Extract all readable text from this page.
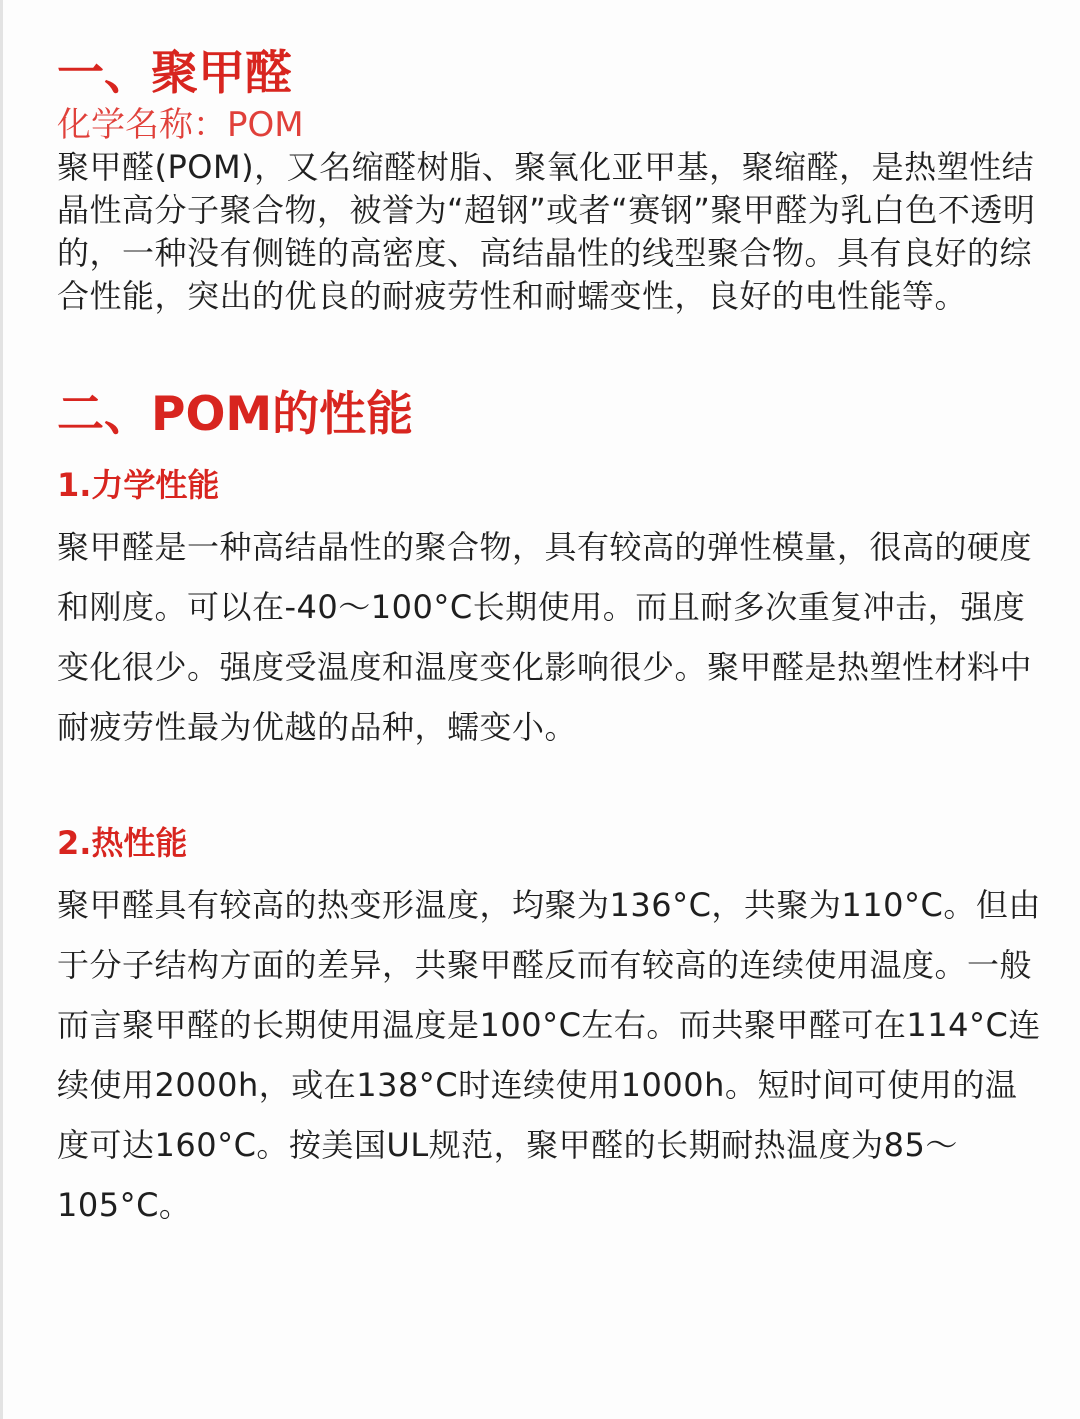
一、聚甲醛

化学名称：POM

聚甲醛(POM)，又名缩醛树脂、聚氧化亚甲基，聚缩醛，是热塑性结晶性高分子聚合物，被誉为“超钢”或者“赛钢”聚甲醛为乳白色不透明的，一种没有侧链的高密度、高结晶性的线型聚合物。具有良好的综合性能，突出的优良的耐疲劳性和耐蠕变性，良好的电性能等。

二、POM的性能
1.力学性能

聚甲醛是一种高结晶性的聚合物，具有较高的弹性模量，很高的硬度和刚度。可以在-40～100°C长期使用。而且耐多次重复冲击，强度变化很少。强度受温度和温度变化影响很少。聚甲醛是热塑性材料中耐疲劳性最为优越的品种，蠕变小。

2.热性能

聚甲醛具有较高的热变形温度，均聚为136°C，共聚为110°C。但由于分子结构方面的差异，共聚甲醛反而有较高的连续使用温度。一般而言聚甲醛的长期使用温度是100°C左右。而共聚甲醛可在114°C连续使用2000h，或在138°C时连续使用1000h。短时间可使用的温度可达160°C。按美国UL规范，聚甲醛的长期耐热温度为85～105°C。
